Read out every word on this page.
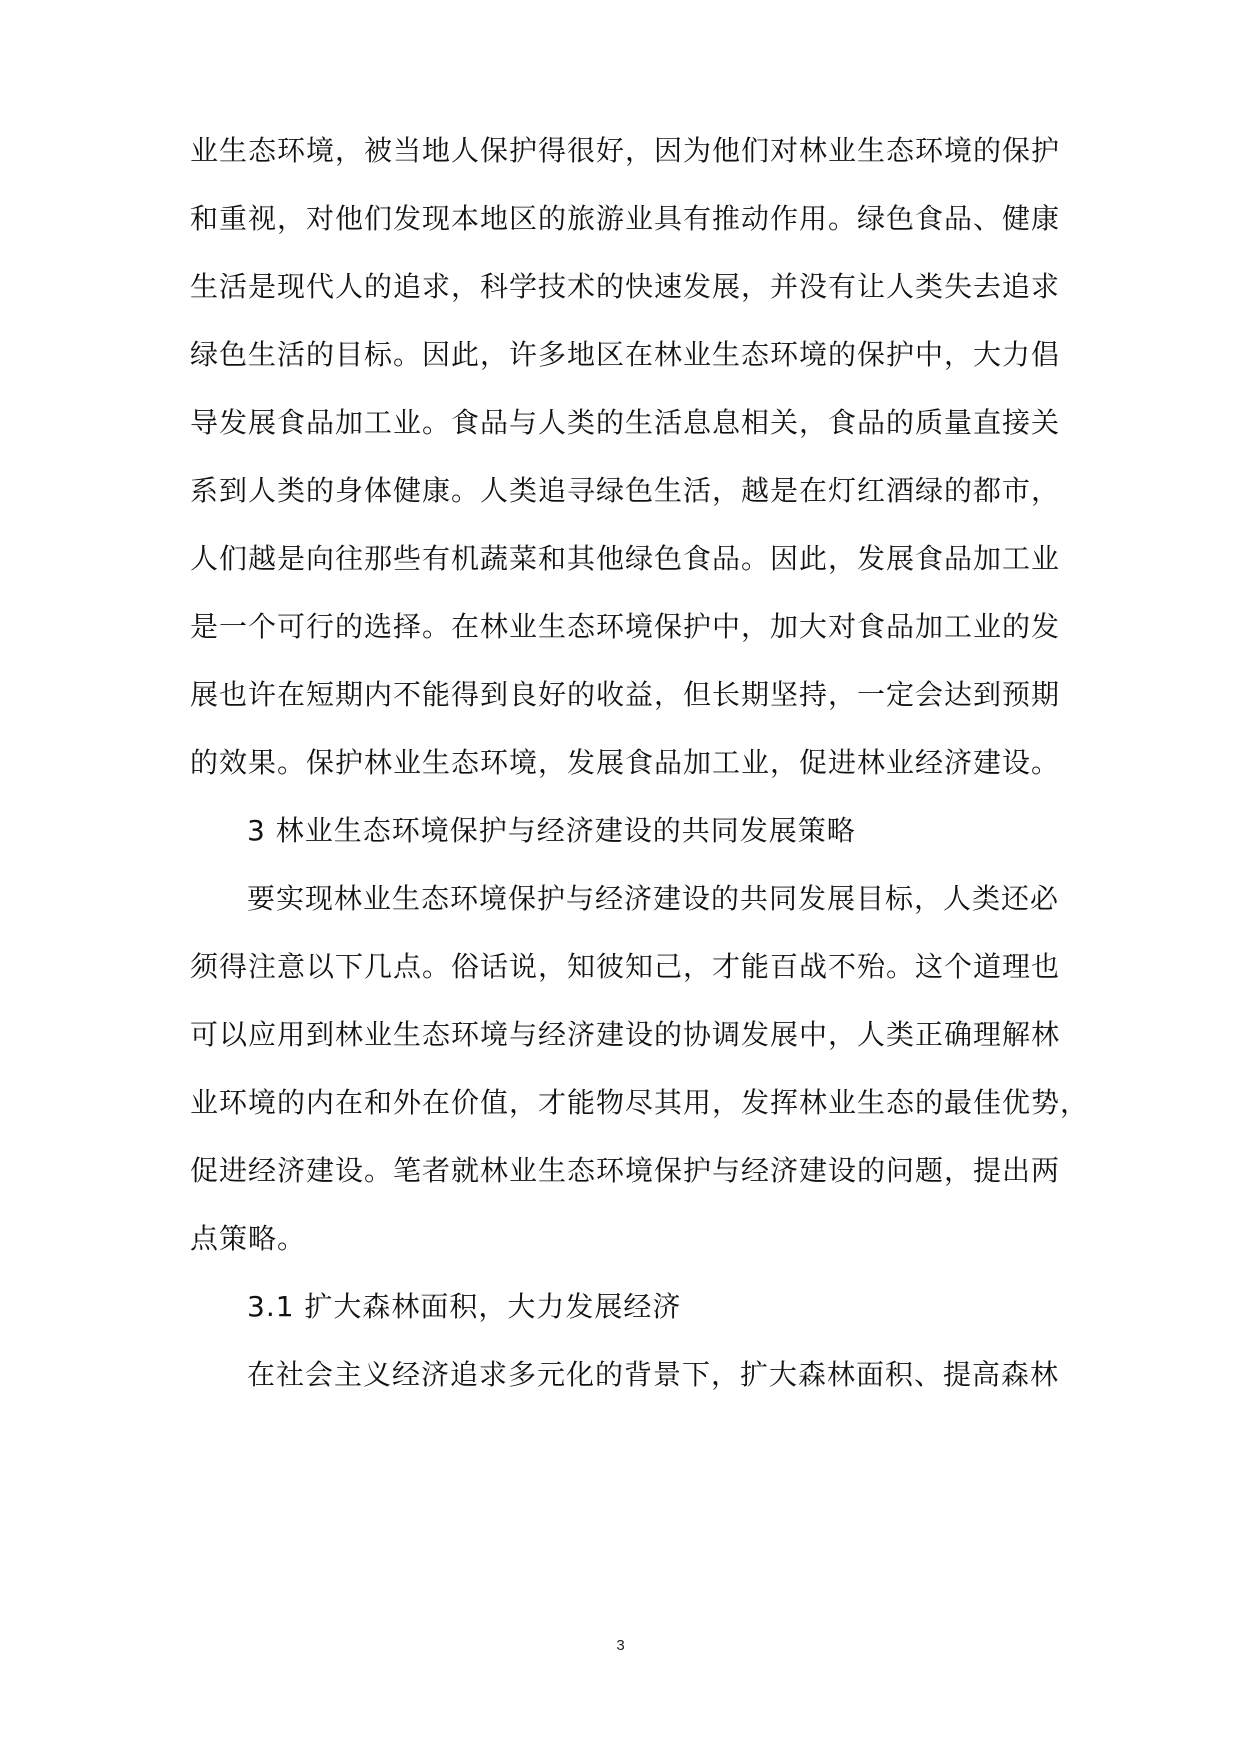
业生态环境，被当地人保护得很好，因为他们对林业生态环境的保护
和重视，对他们发现本地区的旅游业具有推动作用。绿色食品、健康
生活是现代人的追求，科学技术的快速发展，并没有让人类失去追求
绿色生活的目标。因此，许多地区在林业生态环境的保护中，大力倡
导发展食品加工业。食品与人类的生活息息相关，食品的质量直接关
系到人类的身体健康。人类追寻绿色生活，越是在灯红酒绿的都市，
人们越是向往那些有机蔬菜和其他绿色食品。因此，发展食品加工业
是一个可行的选择。在林业生态环境保护中，加大对食品加工业的发
展也许在短期内不能得到良好的收益，但长期坚持，一定会达到预期
的效果。保护林业生态环境，发展食品加工业，促进林业经济建设。
3 林业生态环境保护与经济建设的共同发展策略
要实现林业生态环境保护与经济建设的共同发展目标，人类还必
须得注意以下几点。俗话说，知彼知己，才能百战不殆。这个道理也
可以应用到林业生态环境与经济建设的协调发展中，人类正确理解林
业环境的内在和外在价值，才能物尽其用，发挥林业生态的最佳优势，
促进经济建设。笔者就林业生态环境保护与经济建设的问题，提出两
点策略。
3.1 扩大森林面积，大力发展经济
在社会主义经济追求多元化的背景下，扩大森林面积、提高森林
3
